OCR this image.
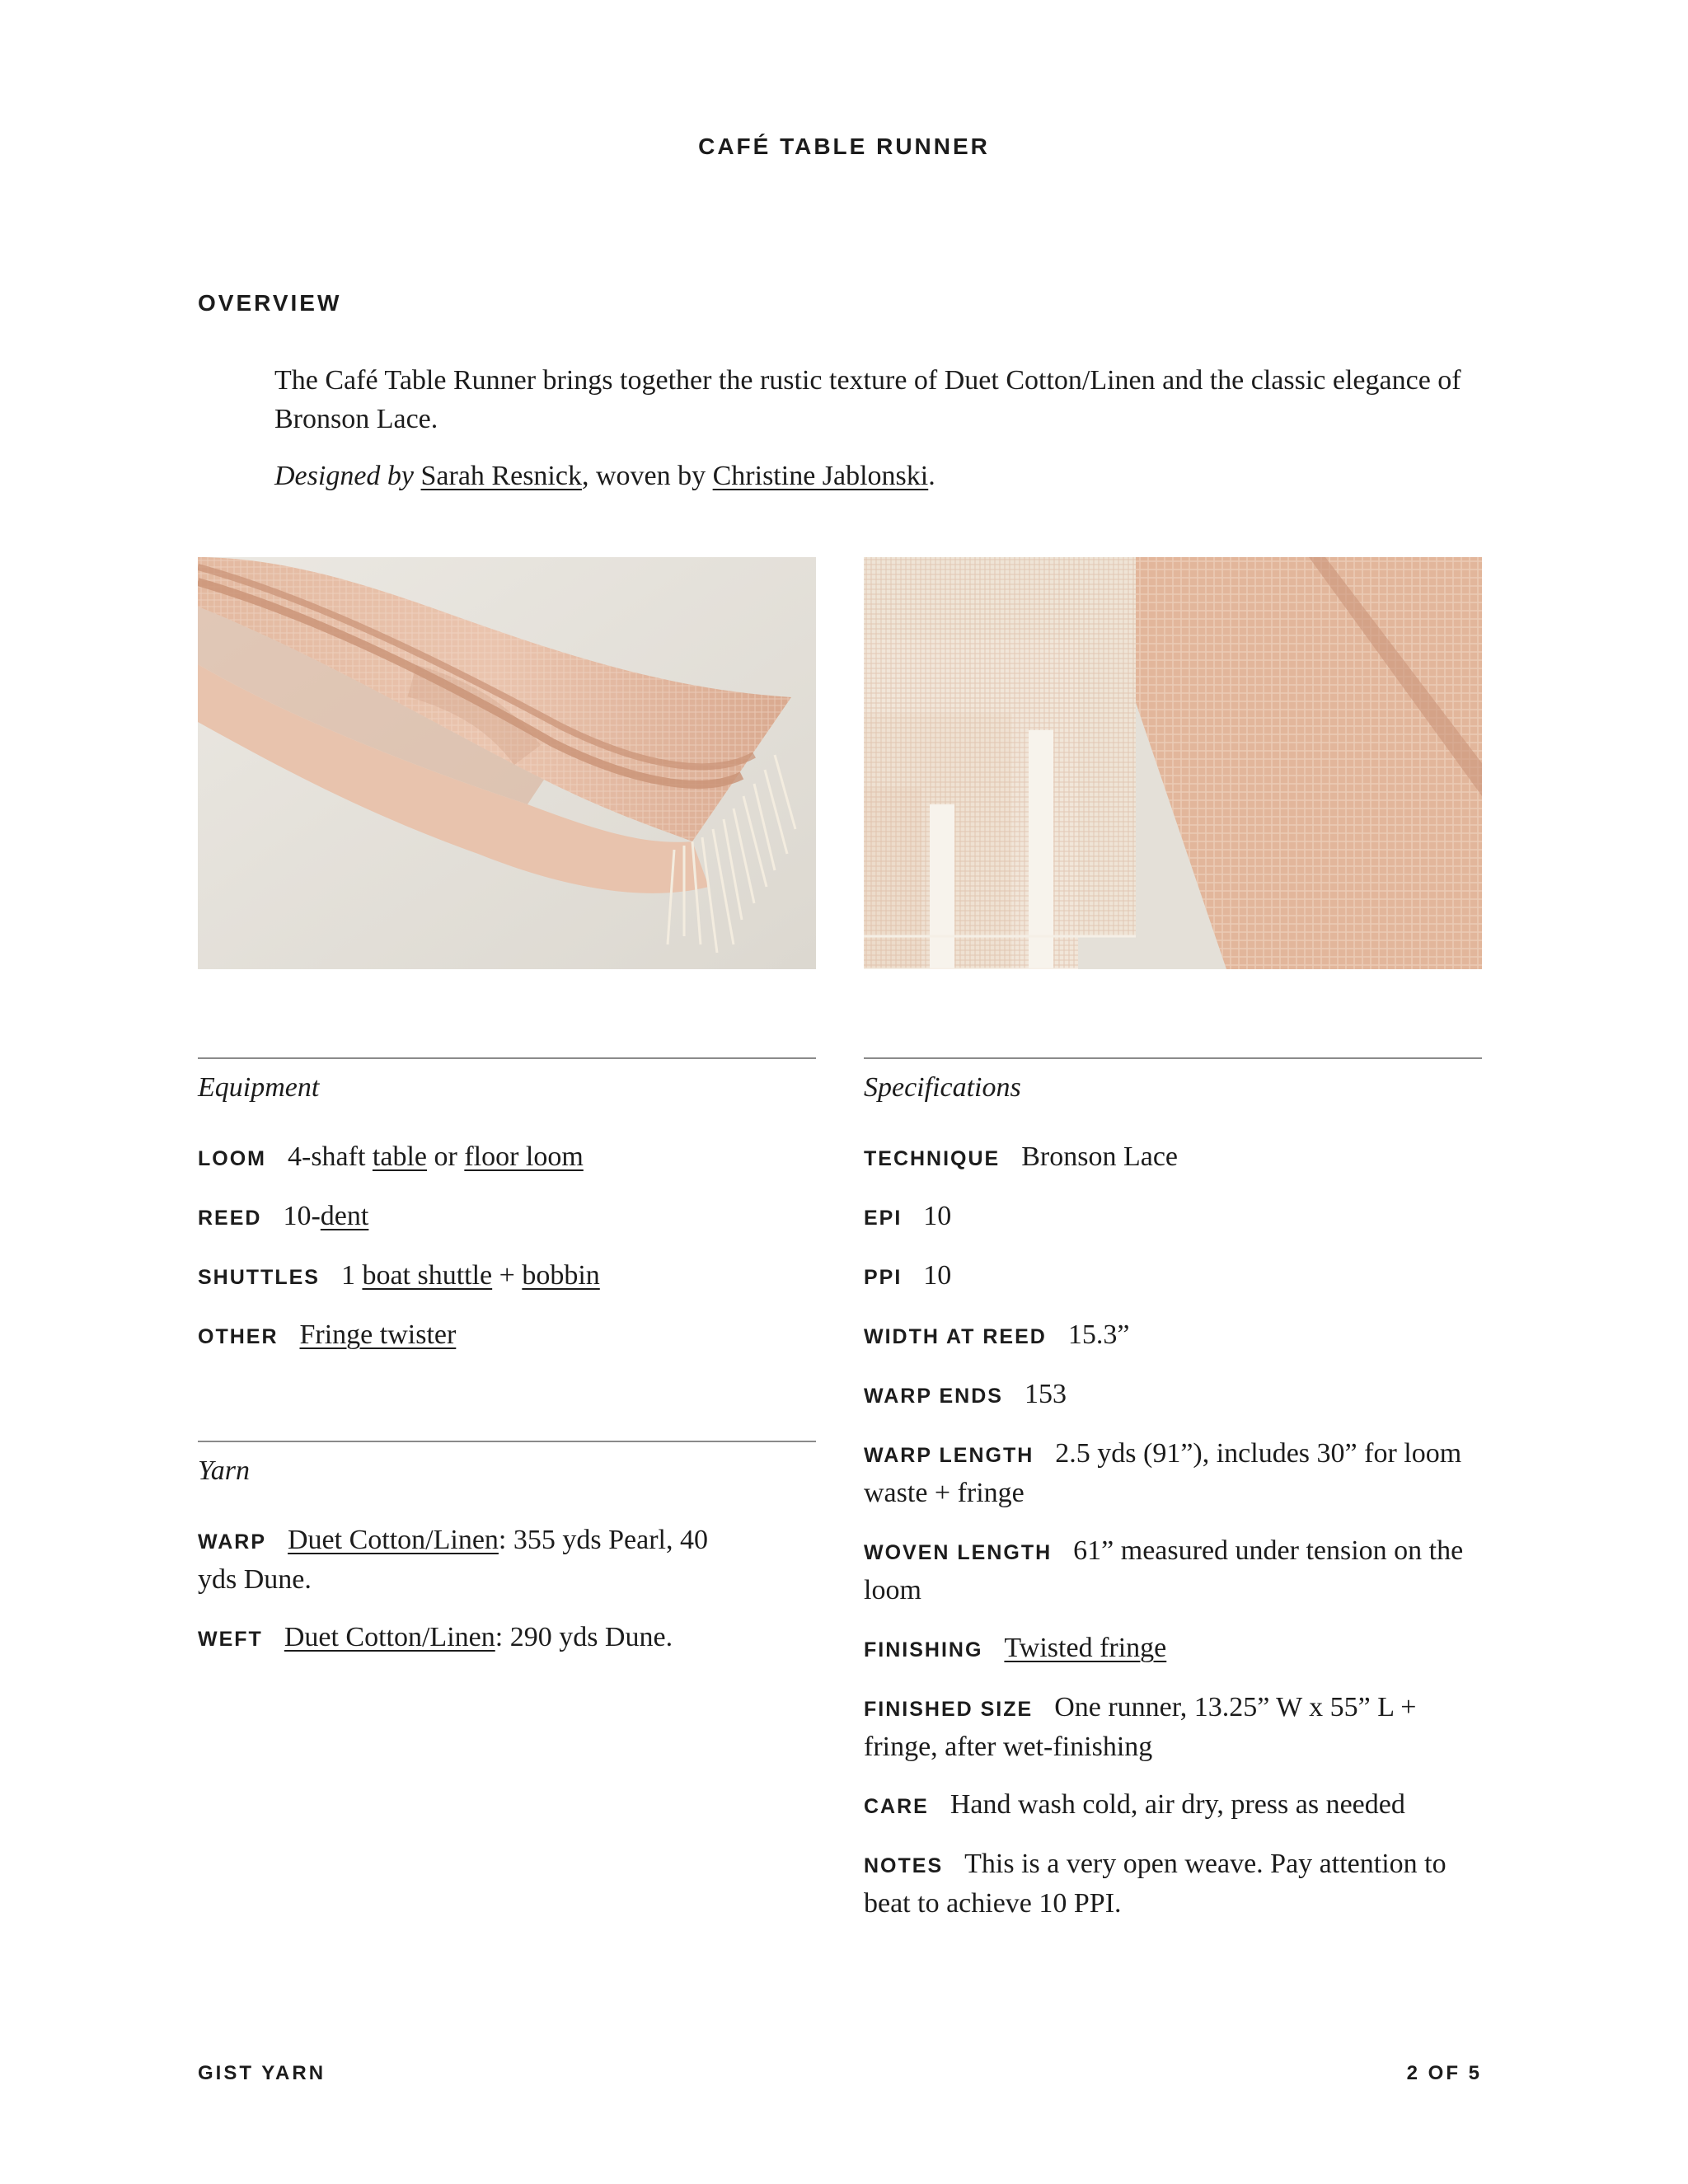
CAFÉ TABLE RUNNER
OVERVIEW

The Café Table Runner brings together the rustic texture of Duet Cotton/Linen and the classic elegance of Bronson Lace.

Designed by Sarah Resnick, woven by Christine Jablonski.

Equipment
LOOM 4-shaft table or floor loom
REED 10-dent
SHUTTLES 1 boat shuttle + bobbin
OTHER Fringe twister
Yarn
WARP Duet Cotton/Linen: 355 yds Pearl, 40 yds Dune.
WEFT Duet Cotton/Linen: 290 yds Dune.
Specifications
TECHNIQUE Bronson Lace
EPI 10
PPI 10
WIDTH AT REED 15.3”
WARP ENDS 153
WARP LENGTH 2.5 yds (91”), includes 30” for loom waste + fringe
WOVEN LENGTH 61” measured under tension on the loom
FINISHING Twisted fringe
FINISHED SIZE One runner, 13.25” W x 55” L + fringe, after wet-finishing
CARE Hand wash cold, air dry, press as needed
NOTES This is a very open weave. Pay attention to beat to achieve 10 PPI.
GIST YARN	2 OF 5
